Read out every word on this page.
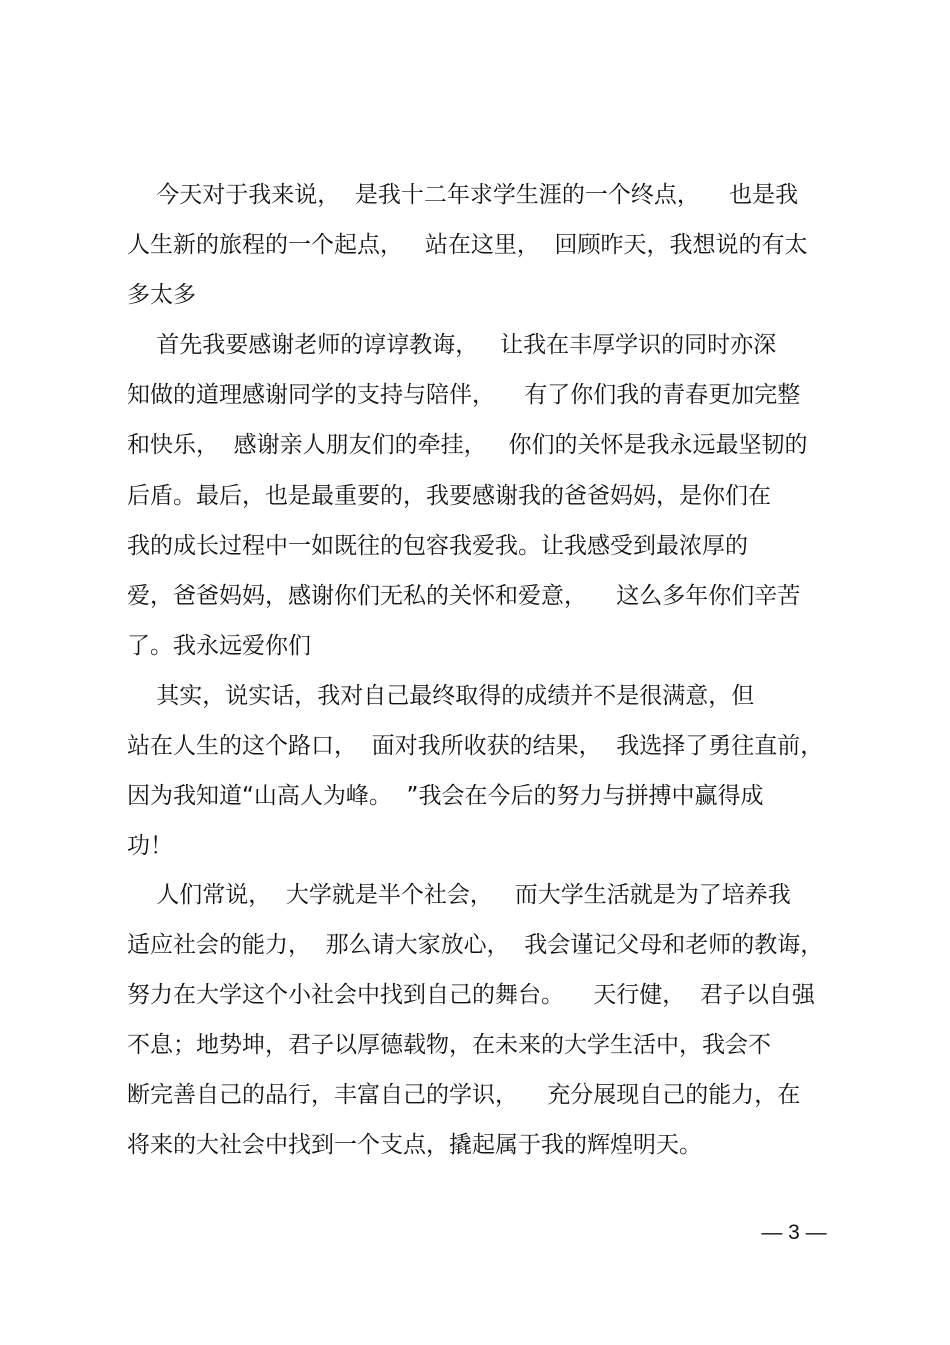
今天对于我来说，  是我十二年求学生涯的一个终点，    也是我
人生新的旅程的一个起点，   站在这里，  回顾昨天，我想说的有太
多太多
首先我要感谢老师的谆谆教诲，   让我在丰厚学识的同时亦深
知做的道理感谢同学的支持与陪伴，    有了你们我的青春更加完整
和快乐，  感谢亲人朋友们的牵挂，   你们的关怀是我永远最坚韧的
后盾。最后，也是最重要的，我要感谢我的爸爸妈妈，是你们在
我的成长过程中一如既往的包容我爱我。让我感受到最浓厚的
爱，爸爸妈妈，感谢你们无私的关怀和爱意，    这么多年你们辛苦
了。我永远爱你们
其实，说实话，我对自己最终取得的成绩并不是很满意，但
站在人生的这个路口，  面对我所收获的结果，  我选择了勇往直前，
因为我知道“山高人为峰。  ”我会在今后的努力与拼搏中赢得成
功！
人们常说，  大学就是半个社会，   而大学生活就是为了培养我
适应社会的能力，  那么请大家放心，  我会谨记父母和老师的教诲，
努力在大学这个小社会中找到自己的舞台。    天行健，  君子以自强
不息；地势坤，君子以厚德载物，在未来的大学生活中，我会不
断完善自己的品行，丰富自己的学识，    充分展现自己的能力，在
将来的大社会中找到一个支点，撬起属于我的辉煌明天。
— 3 —
